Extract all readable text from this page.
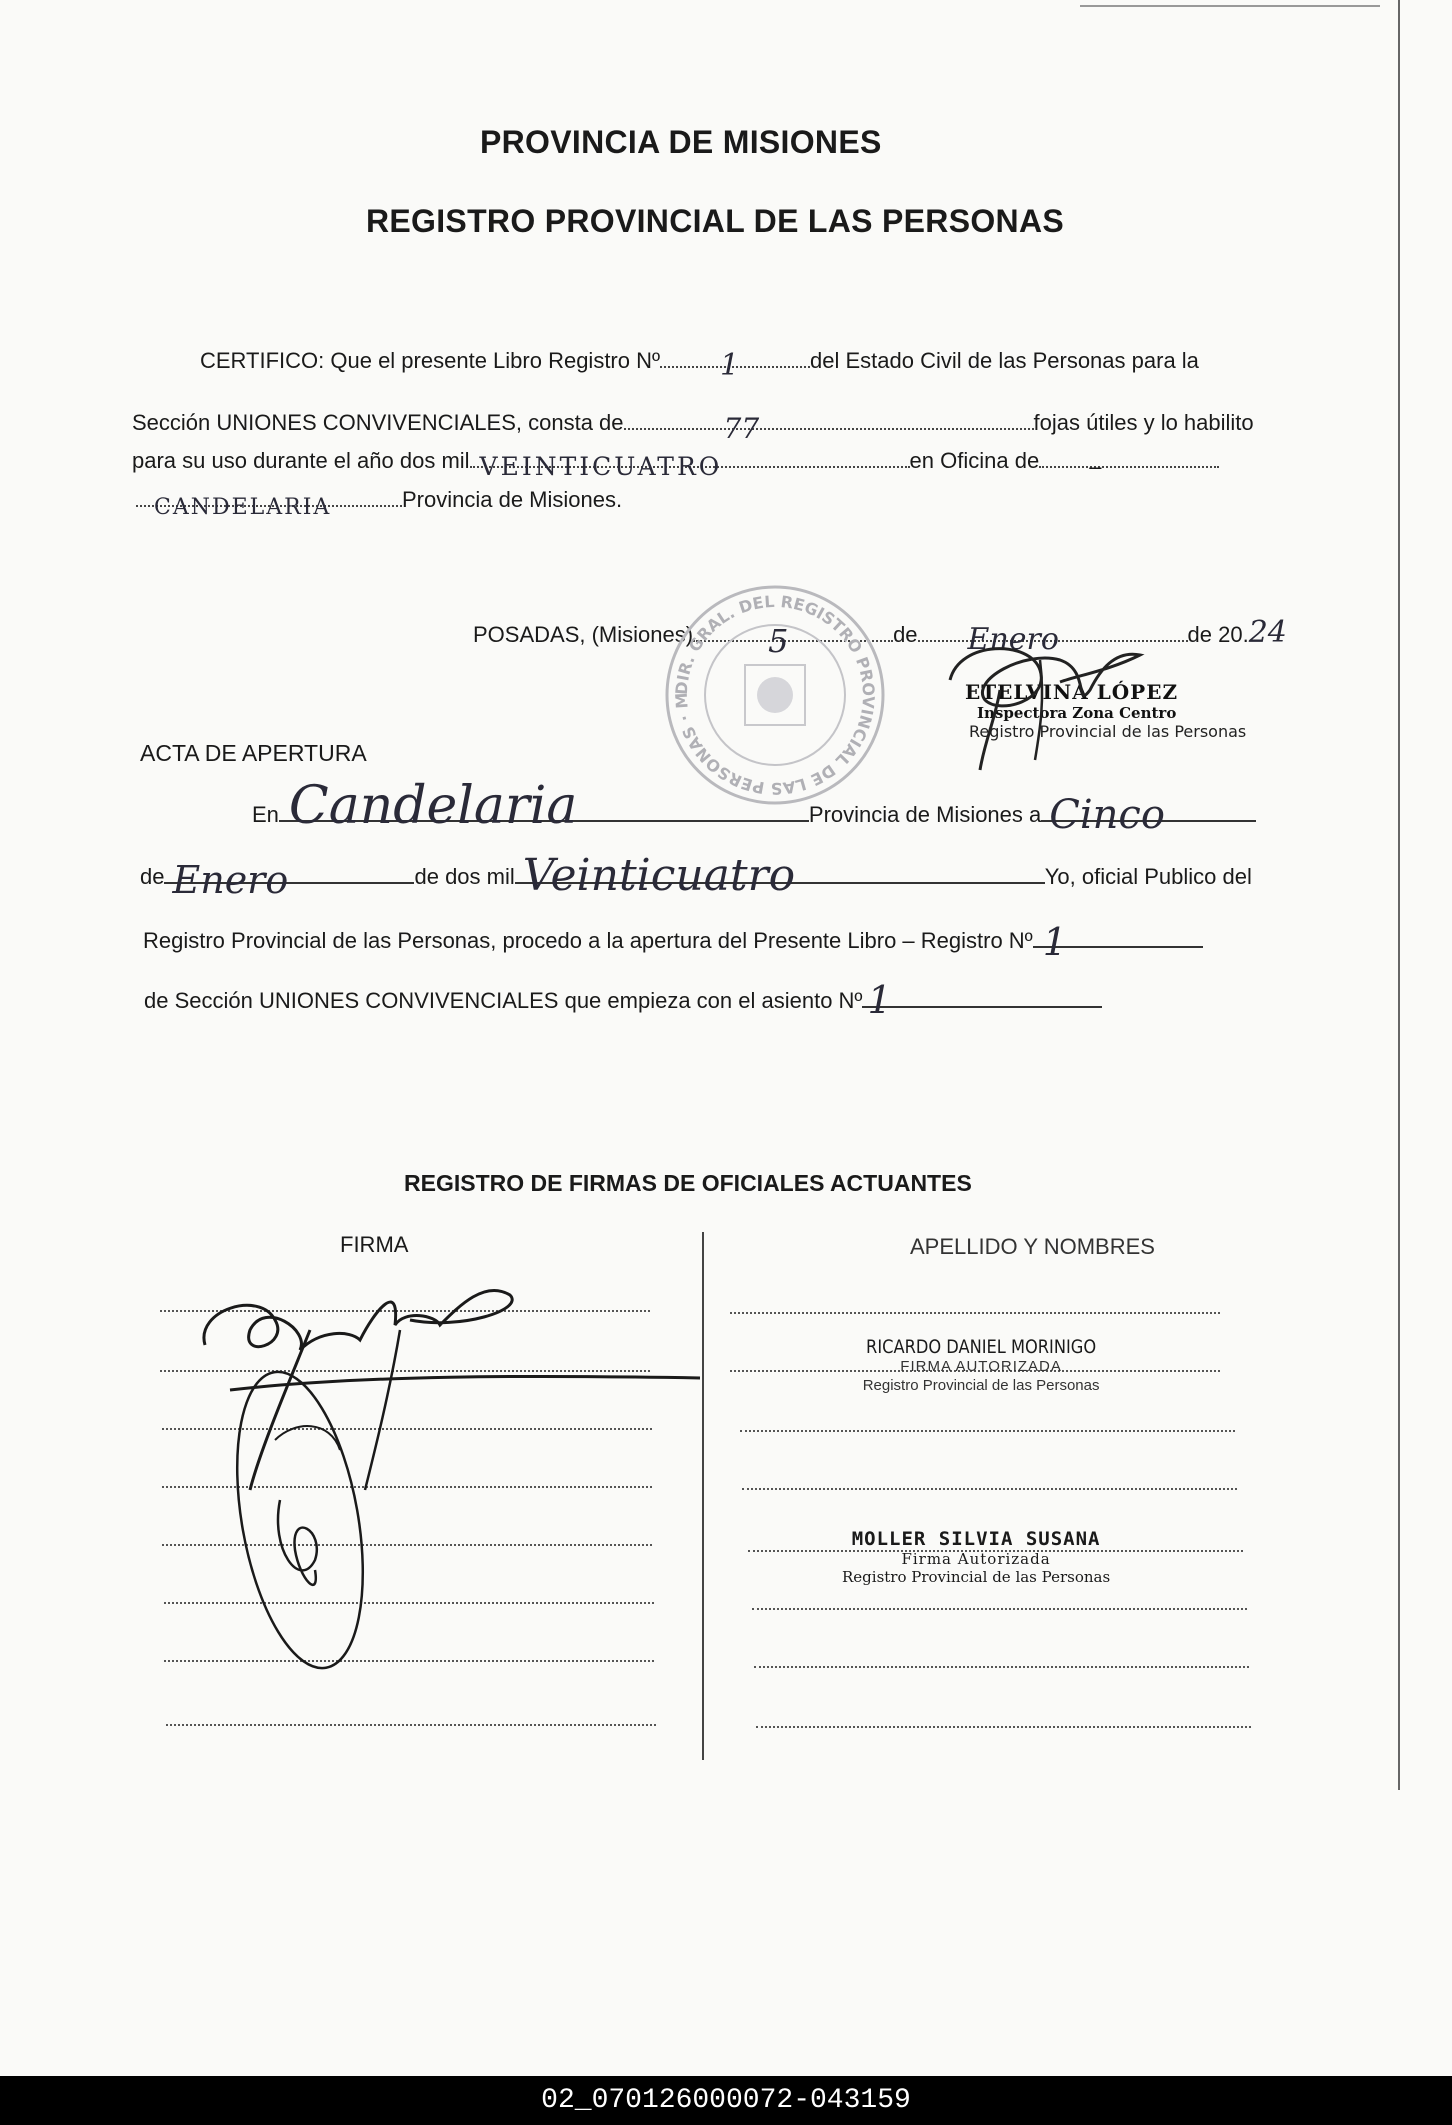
PROVINCIA DE MISIONES
REGISTRO PROVINCIAL DE LAS PERSONAS
CERTIFICO: Que el presente Libro Registro Nº 1	del Estado Civil de las Personas para la
Sección UNIONES CONVIVENCIALES, consta de	77	fojas útiles y lo habilito
para su uso durante el año dos mil VEINTICUATRO	en Oficina de –
CANDELARIA	Provincia de Misiones.
POSADAS, (Misiones) 5	de Enero	de 20.24
DIR. GRAL. DEL REGISTRO PROVINCIAL DE LAS PERSONAS · MINISTERIO DE GOBIERNO
ETELVINA LÓPEZ
Inspectora Zona Centro
Registro Provincial de las Personas
ACTA DE APERTURA
En Candelaria	Provincia de Misiones a Cinco
de Enero	de dos mil Veinticuatro	Yo, oficial Publico del
Registro Provincial de las Personas, procedo a la apertura del Presente Libro – Registro Nº 1
de Sección UNIONES CONVIVENCIALES que empieza con el asiento Nº 1
REGISTRO DE FIRMAS DE OFICIALES ACTUANTES
FIRMA	APELLIDO Y NOMBRES
RICARDO DANIEL MORINIGO
FIRMA AUTORIZADA
Registro Provincial de las Personas
MOLLER SILVIA SUSANA
Firma Autorizada
Registro Provincial de las Personas
02_070126000072-043159
